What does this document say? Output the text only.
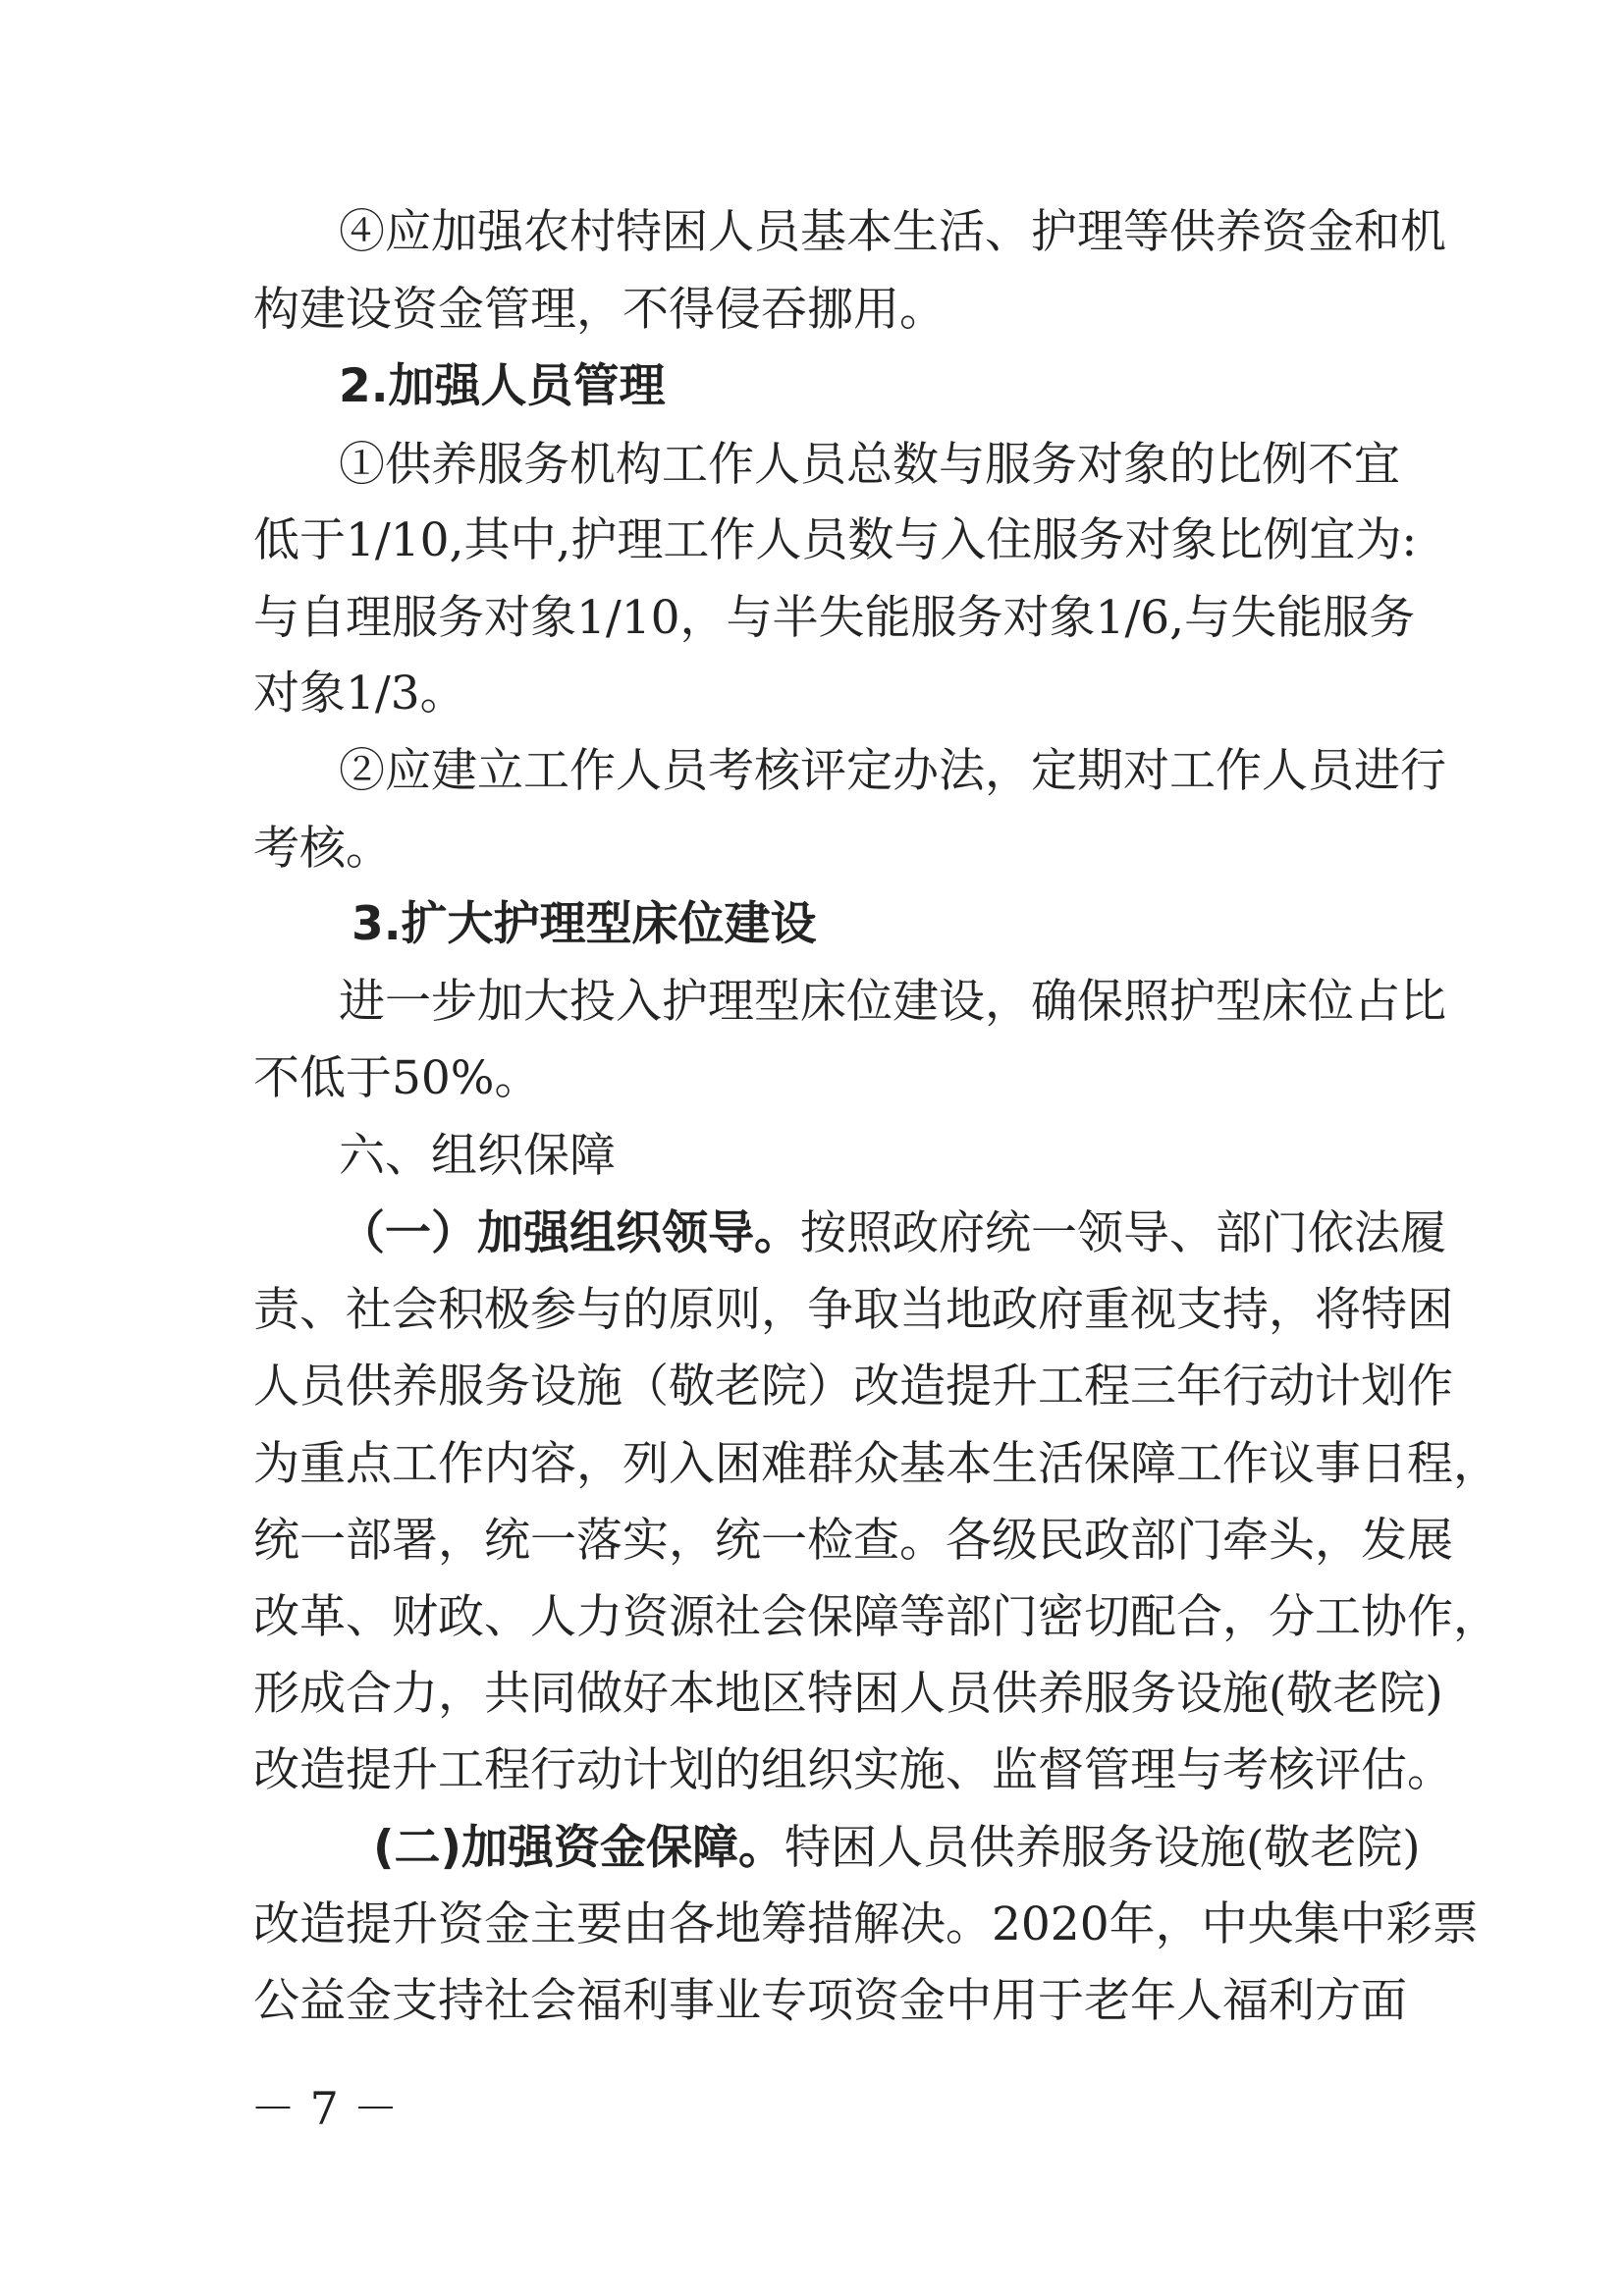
④应加强农村特困人员基本生活、护理等供养资金和机
构建设资金管理，不得侵吞挪用。
2.加强人员管理
①供养服务机构工作人员总数与服务对象的比例不宜
低于1/10,其中,护理工作人员数与入住服务对象比例宜为:
与自理服务对象1/10，与半失能服务对象1/6,与失能服务
对象1/3。
②应建立工作人员考核评定办法，定期对工作人员进行
考核。
3.扩大护理型床位建设
进一步加大投入护理型床位建设，确保照护型床位占比
不低于50%。
六、组织保障
（一）加强组织领导。按照政府统一领导、部门依法履
责、社会积极参与的原则，争取当地政府重视支持，将特困
人员供养服务设施（敬老院）改造提升工程三年行动计划作
为重点工作内容，列入困难群众基本生活保障工作议事日程，
统一部署，统一落实，统一检查。各级民政部门牵头，发展
改革、财政、人力资源社会保障等部门密切配合，分工协作，
形成合力，共同做好本地区特困人员供养服务设施(敬老院)
改造提升工程行动计划的组织实施、监督管理与考核评估。
(二)加强资金保障。特困人员供养服务设施(敬老院)
改造提升资金主要由各地筹措解决。2020年，中央集中彩票
公益金支持社会福利事业专项资金中用于老年人福利方面
－ 7 －
